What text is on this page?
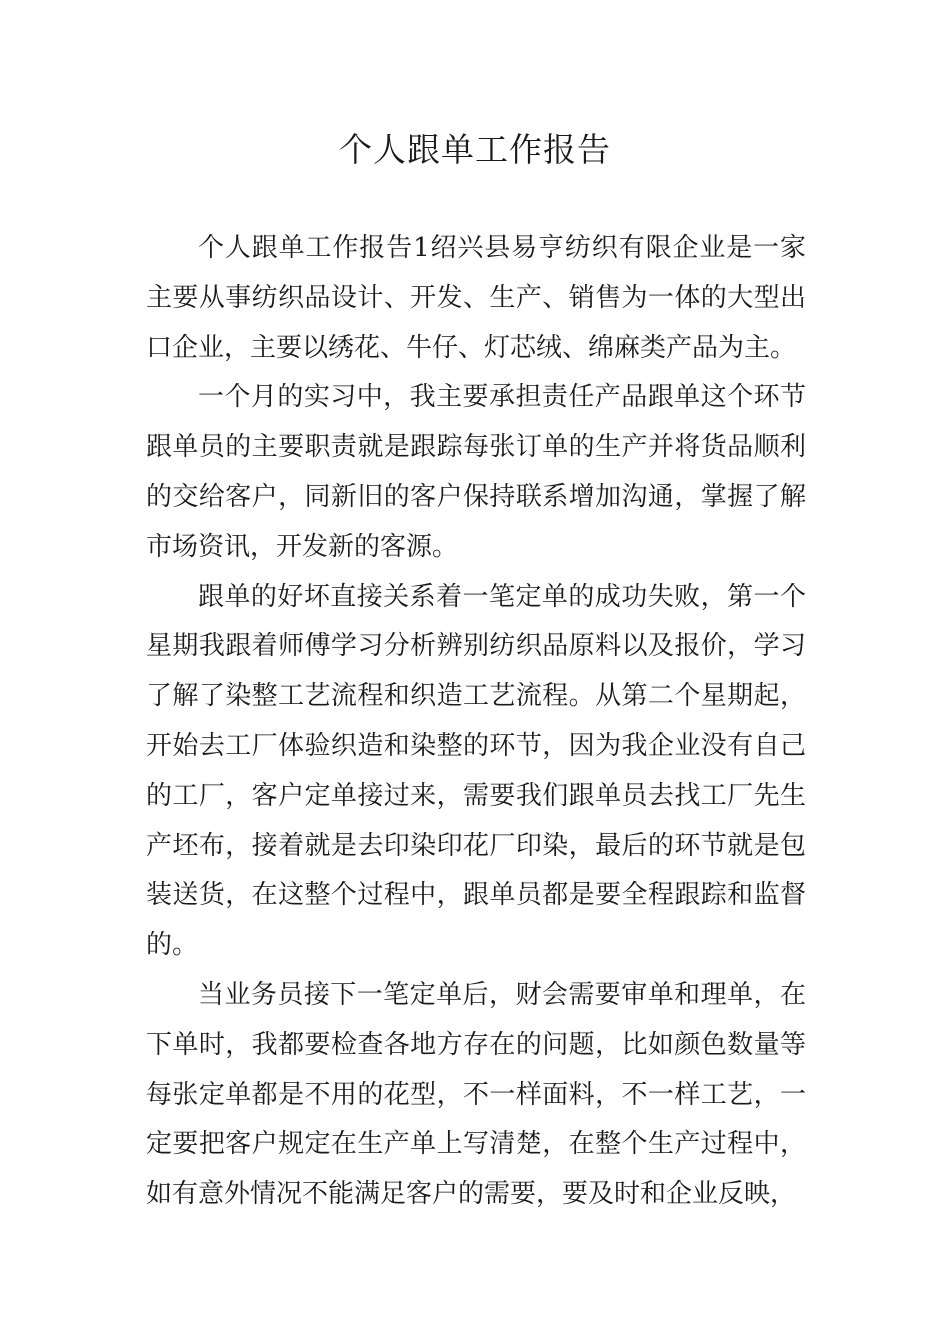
个人跟单工作报告

个人跟单工作报告1绍兴县易亨纺织有限企业是一家主要从事纺织品设计、开发、生产、销售为一体的大型出口企业，主要以绣花、牛仔、灯芯绒、绵麻类产品为主。

一个月的实习中，我主要承担责任产品跟单这个环节跟单员的主要职责就是跟踪每张订单的生产并将货品顺利的交给客户，同新旧的客户保持联系增加沟通，掌握了解市场资讯，开发新的客源。

跟单的好坏直接关系着一笔定单的成功失败，第一个星期我跟着师傅学习分析辨别纺织品原料以及报价，学习了解了染整工艺流程和织造工艺流程。从第二个星期起，开始去工厂体验织造和染整的环节，因为我企业没有自己的工厂，客户定单接过来，需要我们跟单员去找工厂先生产坯布，接着就是去印染印花厂印染，最后的环节就是包装送货，在这整个过程中，跟单员都是要全程跟踪和监督的。

当业务员接下一笔定单后，财会需要审单和理单，在下单时，我都要检查各地方存在的问题，比如颜色数量等每张定单都是不用的花型，不一样面料，不一样工艺，一定要把客户规定在生产单上写清楚，在整个生产过程中，如有意外情况不能满足客户的需要，要及时和企业反映，
